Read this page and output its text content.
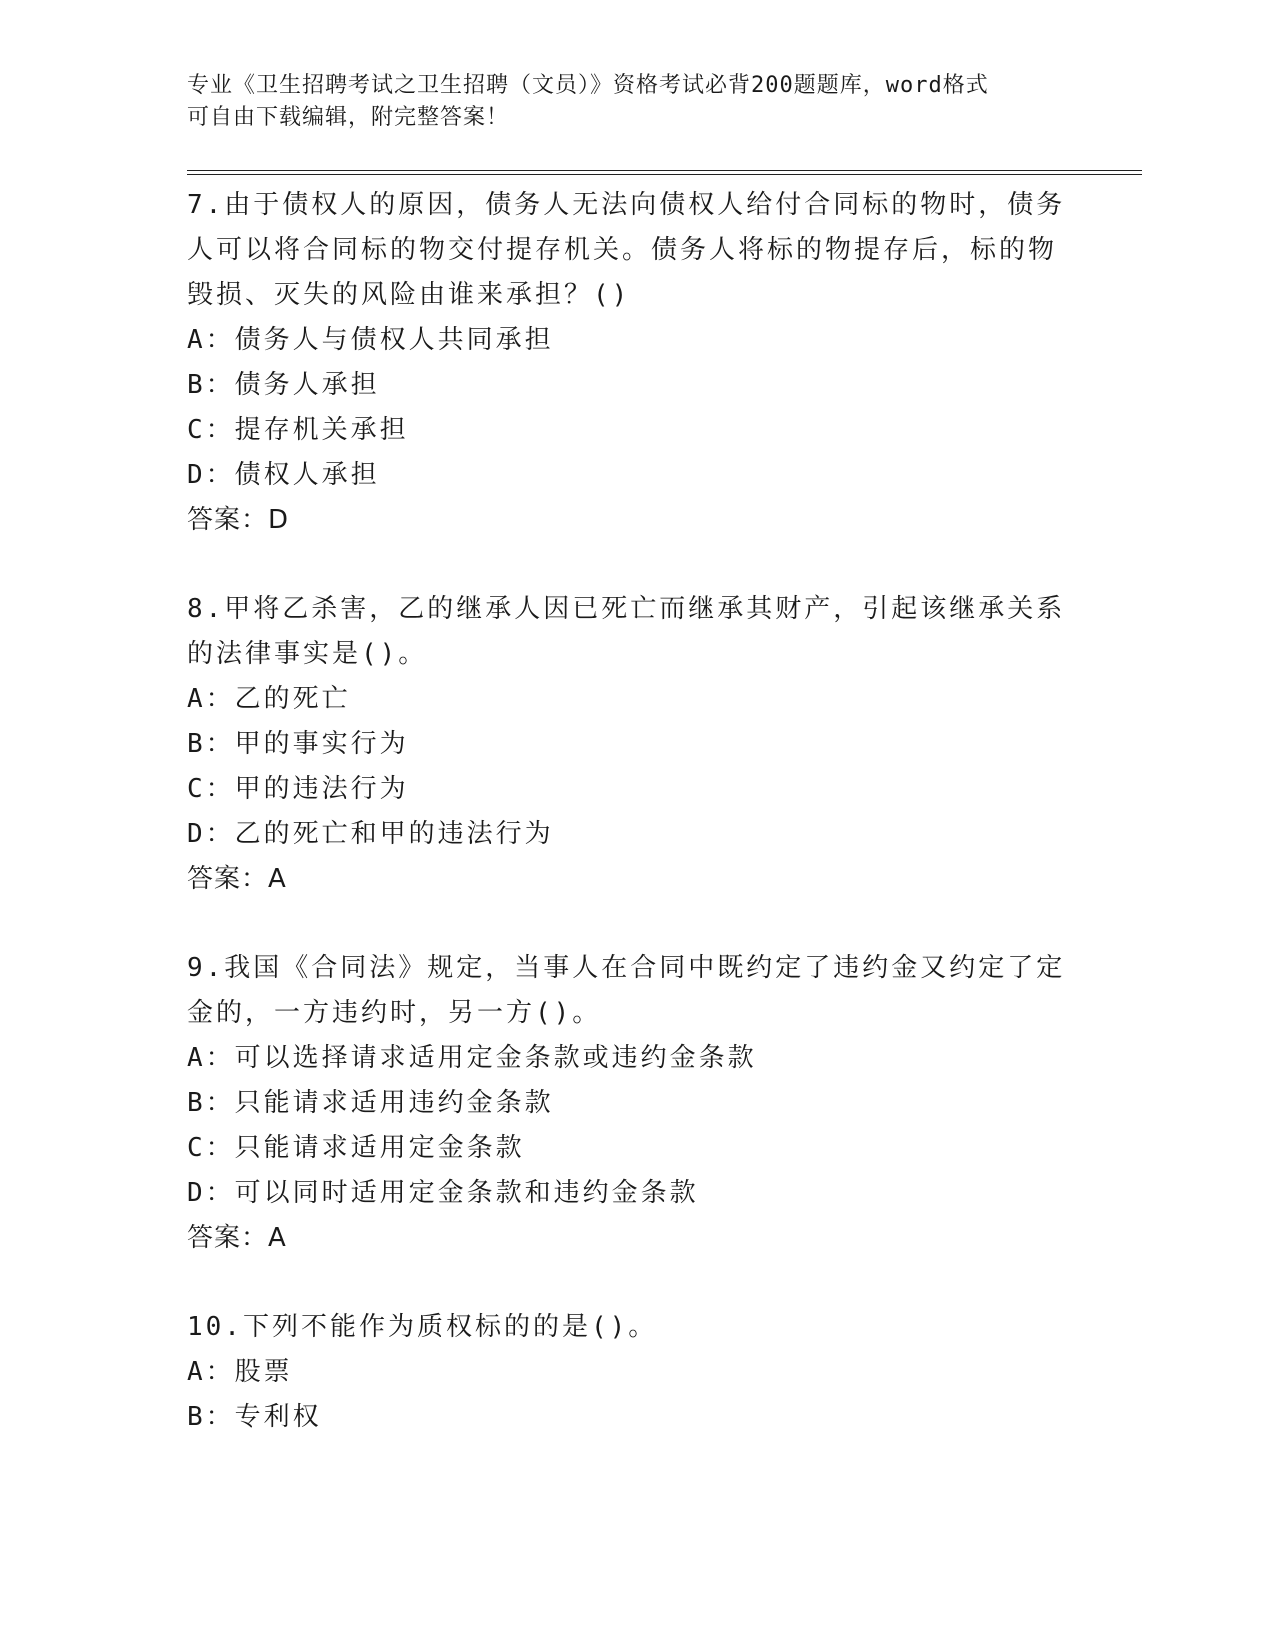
专业《卫生招聘考试之卫生招聘（文员）》资格考试必背200题题库，word格式
可自由下载编辑，附完整答案！
7.由于债权人的原因，债务人无法向债权人给付合同标的物时，债务人可以将合同标的物交付提存机关。债务人将标的物提存后，标的物毁损、灭失的风险由谁来承担？()
A：债务人与债权人共同承担
B：债务人承担
C：提存机关承担
D：债权人承担
答案：D
8.甲将乙杀害，乙的继承人因已死亡而继承其财产，引起该继承关系的法律事实是()。
A：乙的死亡
B：甲的事实行为
C：甲的违法行为
D：乙的死亡和甲的违法行为
答案：A
9.我国《合同法》规定，当事人在合同中既约定了违约金又约定了定金的，一方违约时，另一方()。
A：可以选择请求适用定金条款或违约金条款
B：只能请求适用违约金条款
C：只能请求适用定金条款
D：可以同时适用定金条款和违约金条款
答案：A
10.下列不能作为质权标的的是()。
A：股票
B：专利权
